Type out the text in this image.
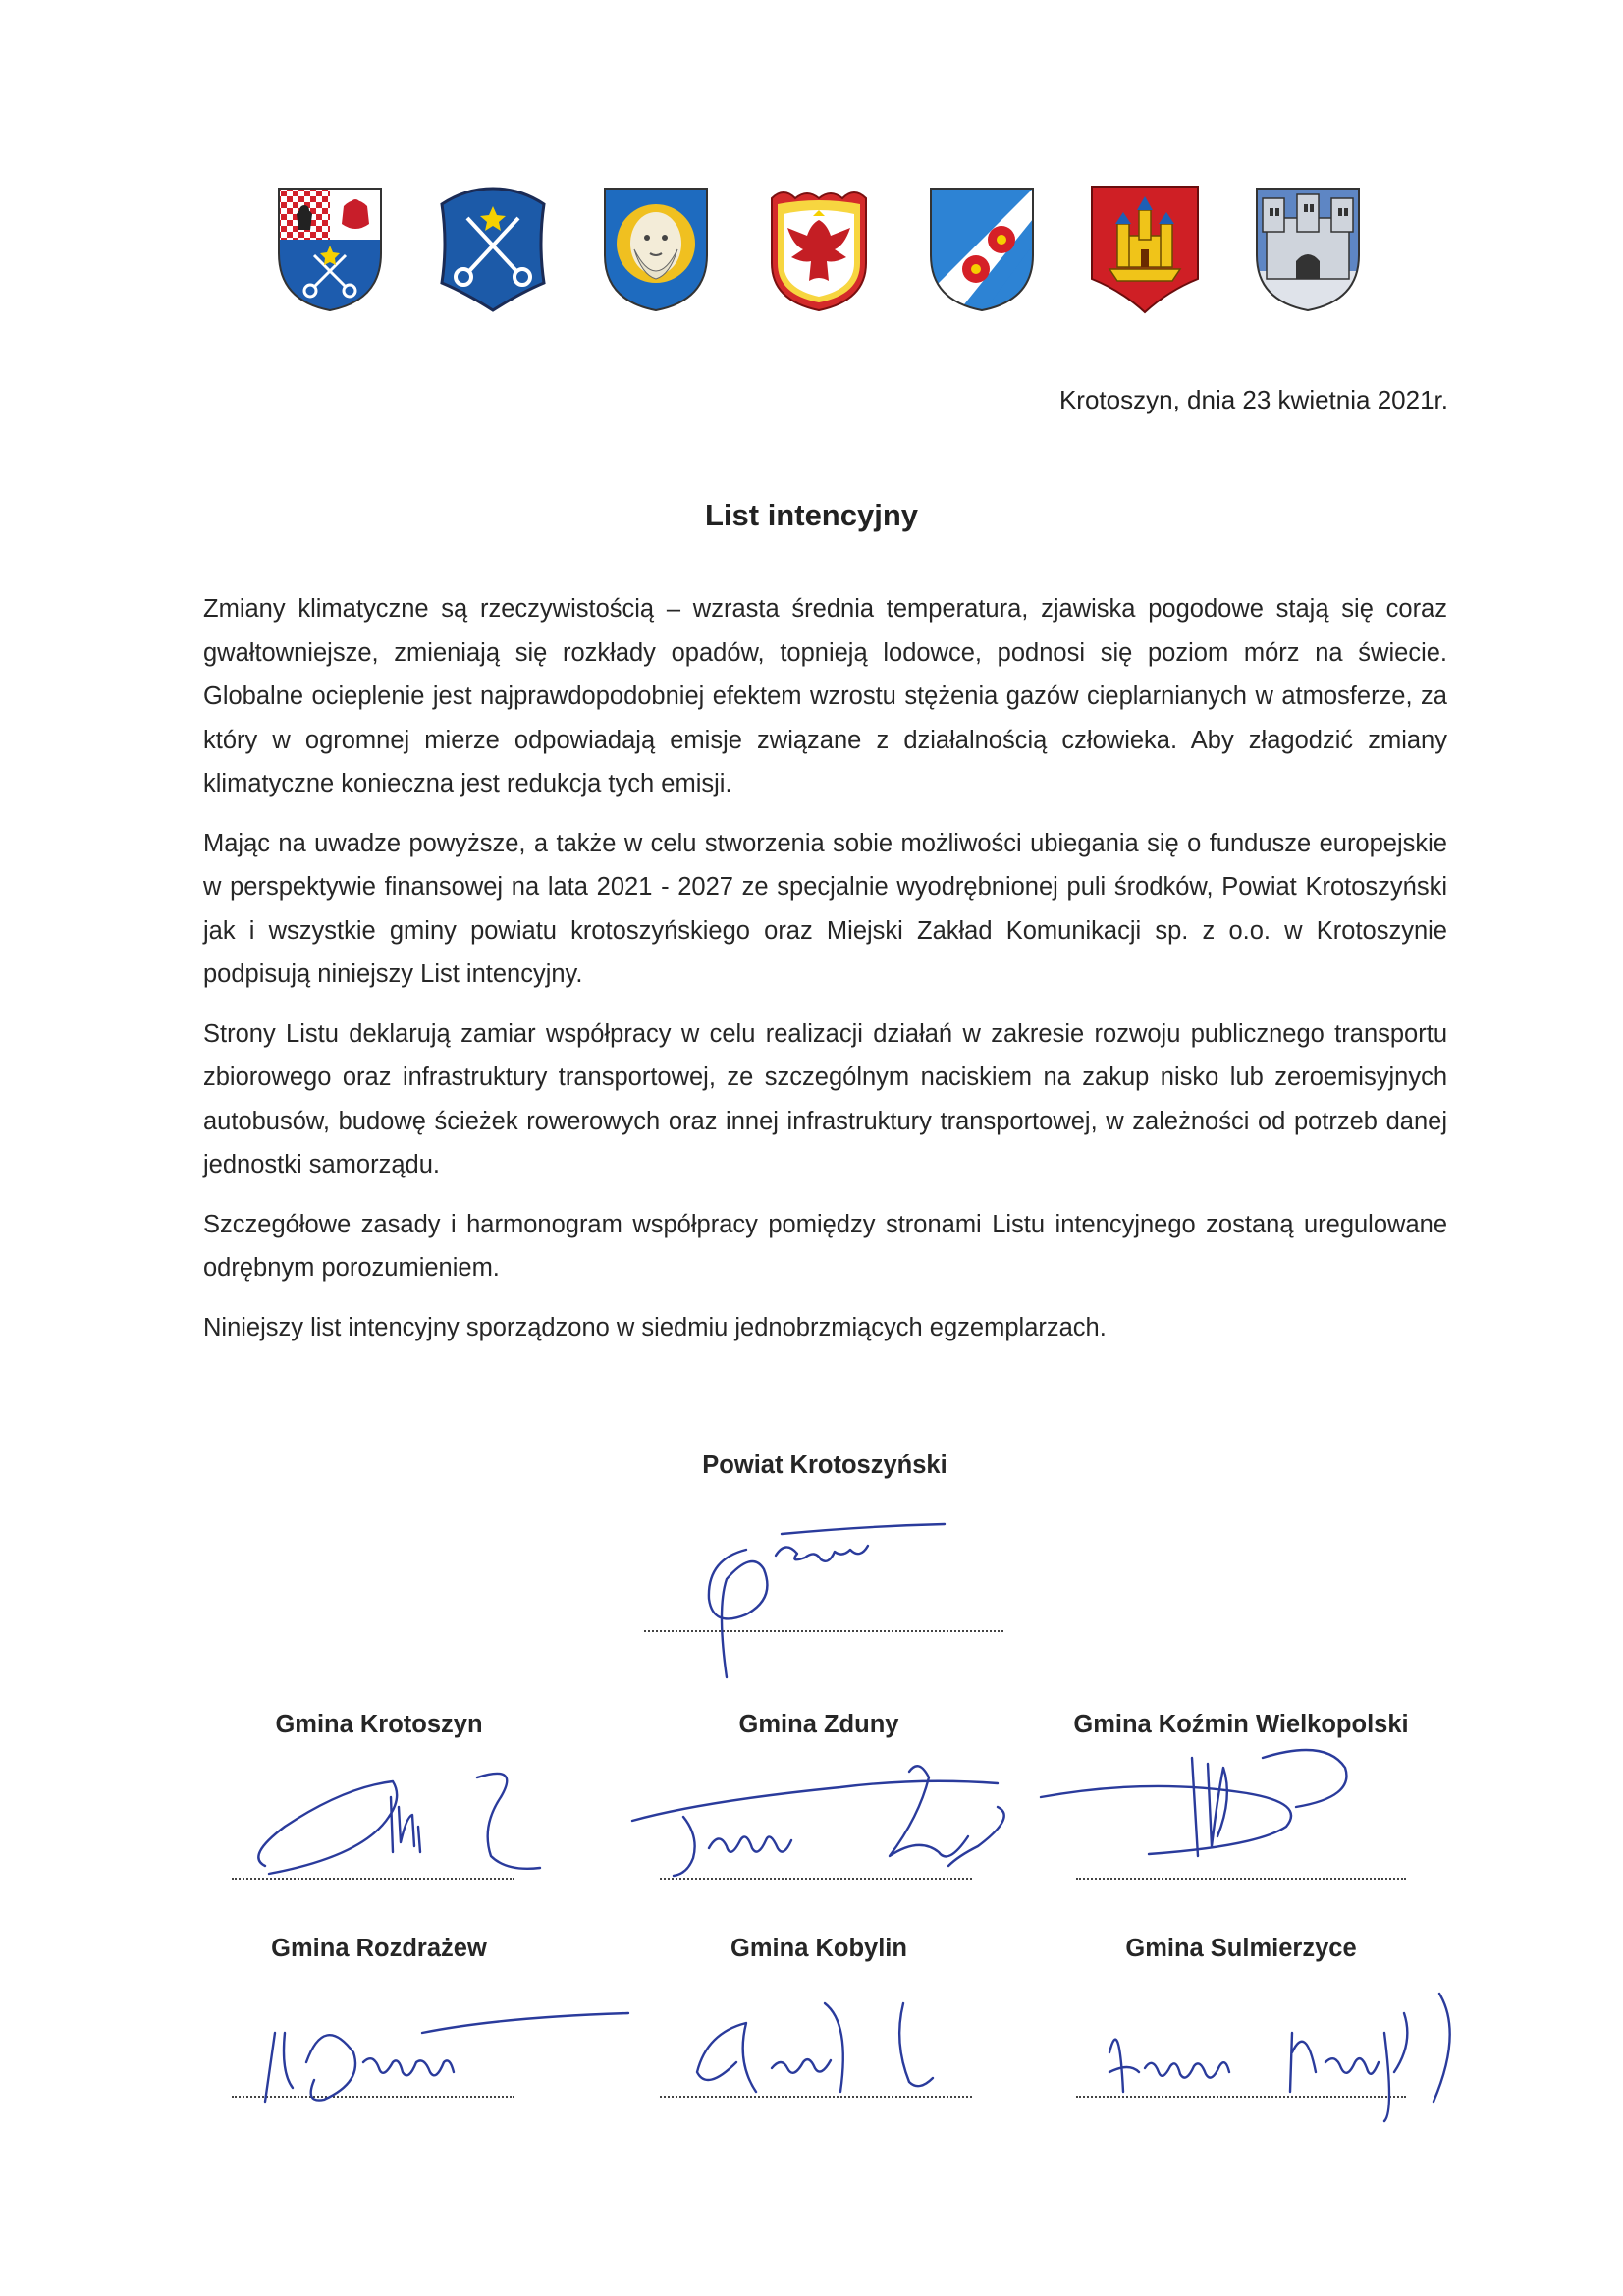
Krotoszyn, dnia 23 kwietnia 2021r.
List intencyjny

Zmiany klimatyczne są rzeczywistością – wzrasta średnia temperatura, zjawiska pogodowe stają się coraz gwałtowniejsze, zmieniają się rozkłady opadów, topnieją lodowce, podnosi się poziom mórz na świecie. Globalne ocieplenie jest najprawdopodobniej efektem wzrostu stężenia gazów cieplarnianych w atmosferze, za który w ogromnej mierze odpowiadają emisje związane z działalnością człowieka. Aby złagodzić zmiany klimatyczne konieczna jest redukcja tych emisji.

Mając na uwadze powyższe, a także w celu stworzenia sobie możliwości ubiegania się o fundusze europejskie w perspektywie finansowej na lata 2021 - 2027 ze specjalnie wyodrębnionej puli środków, Powiat Krotoszyński jak i wszystkie gminy powiatu krotoszyńskiego oraz Miejski Zakład Komunikacji sp. z o.o. w Krotoszynie podpisują niniejszy List intencyjny.

Strony Listu deklarują zamiar współpracy w celu realizacji działań w zakresie rozwoju publicznego transportu zbiorowego oraz infrastruktury transportowej, ze szczególnym naciskiem na zakup nisko lub zeroemisyjnych autobusów, budowę ścieżek rowerowych oraz innej infrastruktury transportowej, w zależności od potrzeb danej jednostki samorządu.

Szczegółowe zasady i harmonogram współpracy pomiędzy stronami Listu intencyjnego zostaną uregulowane odrębnym porozumieniem.

Niniejszy list intencyjny sporządzono w siedmiu jednobrzmiących egzemplarzach.

Powiat Krotoszyński
Gmina Krotoszyn	Gmina Zduny	Gmina Koźmin Wielkopolski
Gmina Rozdrażew	Gmina Kobylin	Gmina Sulmierzyce
